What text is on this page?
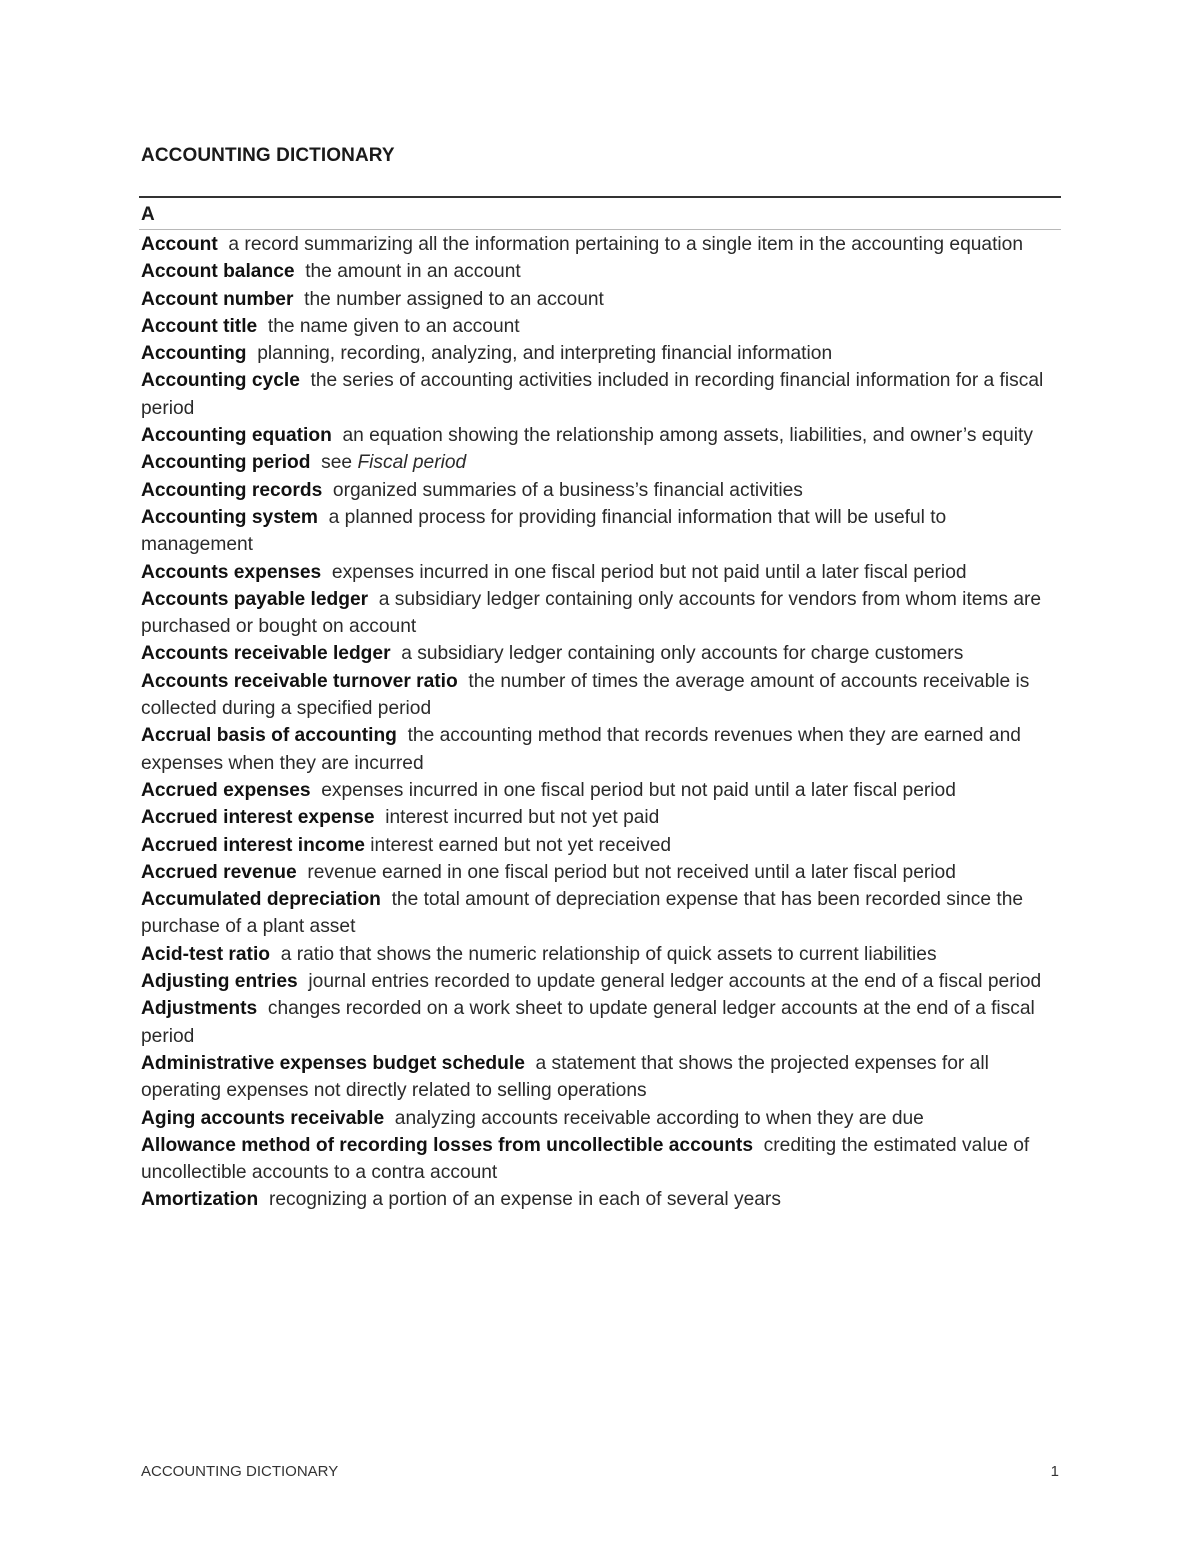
ACCOUNTING DICTIONARY
A
Account a record summarizing all the information pertaining to a single item in the accounting equation
Account balance the amount in an account
Account number the number assigned to an account
Account title the name given to an account
Accounting planning, recording, analyzing, and interpreting financial information
Accounting cycle the series of accounting activities included in recording financial information for a fiscal period
Accounting equation an equation showing the relationship among assets, liabilities, and owner’s equity
Accounting period see Fiscal period
Accounting records organized summaries of a business’s financial activities
Accounting system a planned process for providing financial information that will be useful to management
Accounts expenses expenses incurred in one fiscal period but not paid until a later fiscal period
Accounts payable ledger a subsidiary ledger containing only accounts for vendors from whom items are purchased or bought on account
Accounts receivable ledger a subsidiary ledger containing only accounts for charge customers
Accounts receivable turnover ratio the number of times the average amount of accounts receivable is collected during a specified period
Accrual basis of accounting the accounting method that records revenues when they are earned and expenses when they are incurred
Accrued expenses expenses incurred in one fiscal period but not paid until a later fiscal period
Accrued interest expense interest incurred but not yet paid
Accrued interest income interest earned but not yet received
Accrued revenue revenue earned in one fiscal period but not received until a later fiscal period
Accumulated depreciation the total amount of depreciation expense that has been recorded since the purchase of a plant asset
Acid-test ratio a ratio that shows the numeric relationship of quick assets to current liabilities
Adjusting entries journal entries recorded to update general ledger accounts at the end of a fiscal period
Adjustments changes recorded on a work sheet to update general ledger accounts at the end of a fiscal period
Administrative expenses budget schedule a statement that shows the projected expenses for all operating expenses not directly related to selling operations
Aging accounts receivable analyzing accounts receivable according to when they are due
Allowance method of recording losses from uncollectible accounts crediting the estimated value of uncollectible accounts to a contra account
Amortization recognizing a portion of an expense in each of several years
ACCOUNTING DICTIONARY	1
